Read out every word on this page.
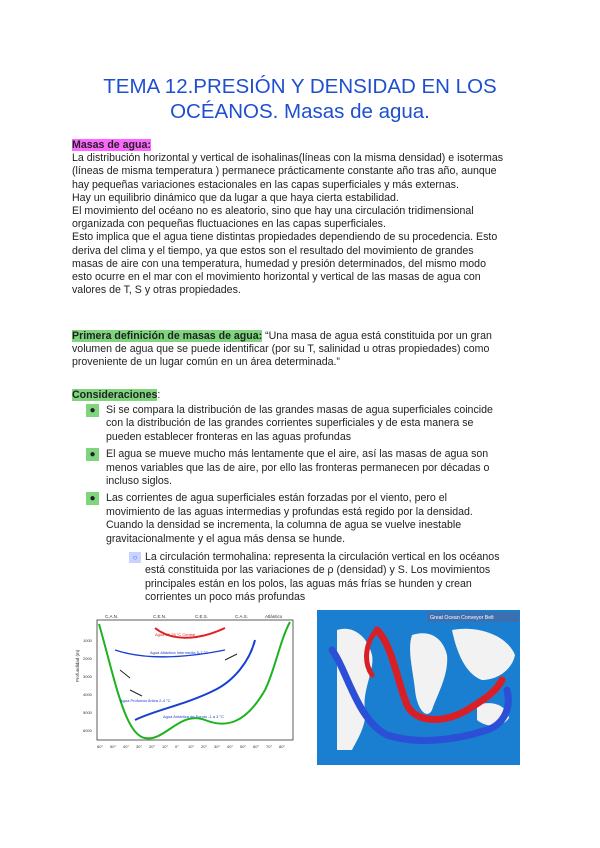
TEMA 12.PRESIÓN Y DENSIDAD EN LOS
OCÉANOS. Masas de agua.
Masas de agua:
La distribución horizontal y vertical de isohalinas(líneas con la misma densidad) e isotermas
(líneas de misma temperatura ) permanece prácticamente constante año tras año, aunque
hay pequeñas variaciones estacionales en las capas superficiales y más externas.
Hay un equilibrio dinámico que da lugar a que haya cierta estabilidad.
El movimiento del océano no es aleatorio, sino que hay una circulación tridimensional
organizada con pequeñas fluctuaciones en las capas superficiales.
Esto implica que el agua tiene distintas propiedades dependiendo de su procedencia. Esto
deriva del clima y el tiempo, ya que estos son el resultado del movimiento de grandes
masas de aire con una temperatura, humedad y presión determinados, del mismo modo
esto ocurre en el mar con el movimiento horizontal y vertical de las masas de agua con
valores de T, S y otras propiedades.
Primera definición de masas de agua: “Una masa de agua está constituida por un gran
volumen de agua que se puede identificar (por su T, salinidad u otras propiedades) como
proveniente de un lugar común en un área determinada.”
Consideraciones:
● Si se compara la distribución de las grandes masas de agua superficiales coincide
con la distribución de las grandes corrientes superficiales y de esta manera se
pueden establecer fronteras en las aguas profundas
● El agua se mueve mucho más lentamente que el aire, así las masas de agua son
menos variables que las de aire, por ello las fronteras permanecen por décadas o
incluso siglos.
● Las corrientes de agua superficiales están forzadas por el viento, pero el
movimiento de las aguas intermedias y profundas está regido por la densidad.
Cuando la densidad se incrementa, la columna de agua se vuelve inestable
gravitacionalmente y el agua más densa se hunde.
○ La circulación termohalina: representa la circulación vertical en los océanos
está constituida por las variaciones de ρ (densidad) y S. Los movimientos
principales están en los polos, las aguas más frías se hunden y crean
corrientes un poco más profundas
C.A.N.	C.E.N.	C.E.S.	C.A.S.	Atlántico
Profundidad (m)
1000
2000
3000
4000
5000
6000
Agua 25-28 °C Central
Agua Atlántica Intermedia 5-7 °C
Agua Profunda Ártica 2-4 °C
Agua Antártica de Fondo -1 a 3 °C
60° 50° 40° 30° 20° 10° 0° 10° 20° 30° 40° 50° 60° 70° 80°
Great Ocean Conveyor Belt
